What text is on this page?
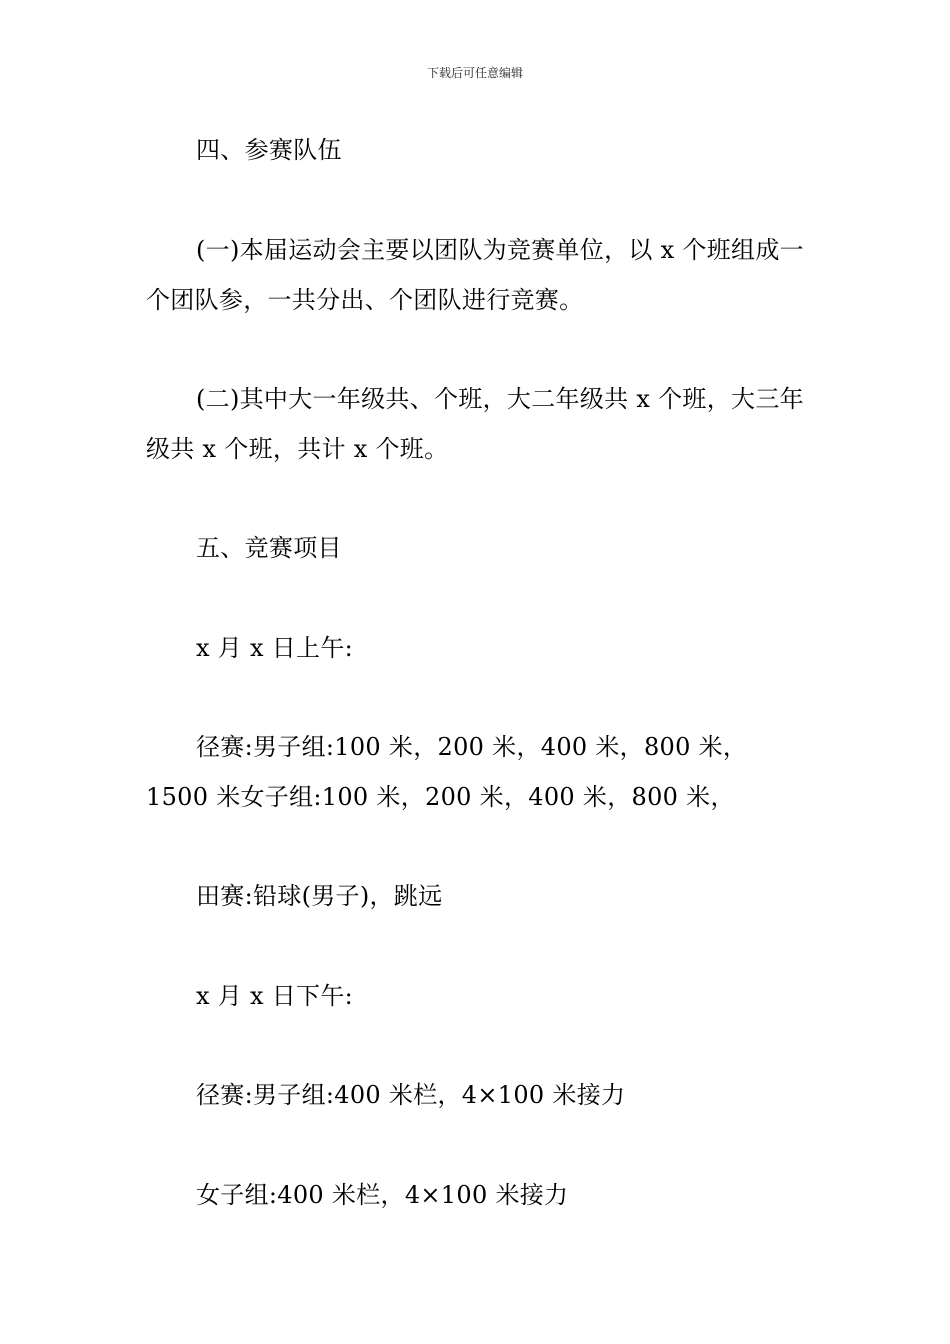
下载后可任意编辑

四、参赛队伍

(一)本届运动会主要以团队为竞赛单位，以 x 个班组成一个团队参，一共分出、个团队进行竞赛。

(二)其中大一年级共、个班，大二年级共 x 个班，大三年级共 x 个班，共计 x 个班。

五、竞赛项目

x 月 x 日上午:

径赛:男子组:100 米，200 米，400 米，800 米，1500 米女子组:100 米，200 米，400 米，800 米，

田赛:铅球(男子)，跳远

x 月 x 日下午:

径赛:男子组:400 米栏，4×100 米接力

女子组:400 米栏，4×100 米接力
